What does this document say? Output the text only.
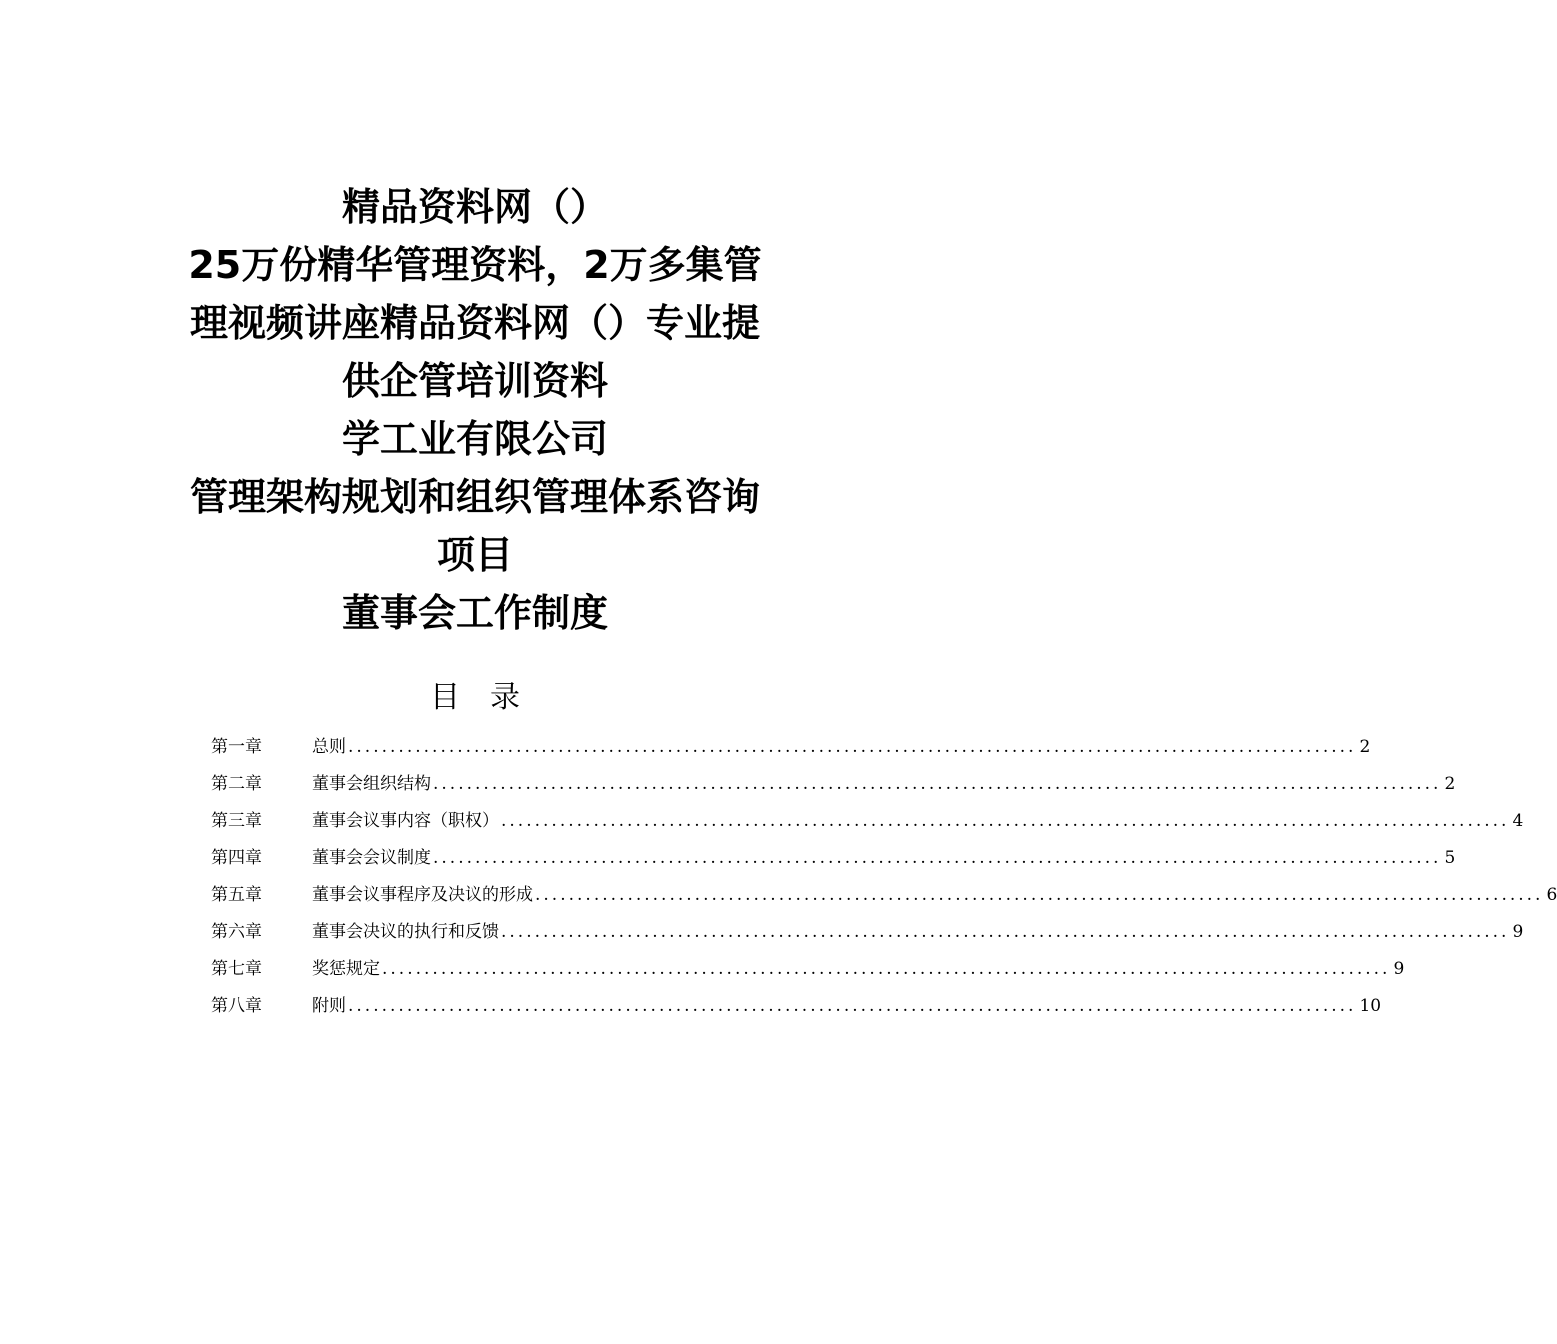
精品资料网（）
25万份精华管理资料，2万多集管
理视频讲座精品资料网（）专业提
供企管培训资料
学工业有限公司
管理架构规划和组织管理体系咨询
项目
董事会工作制度
目录
第一章	总则 ........................................................................................................................ 2
第二章	董事会组织结构 ........................................................................................................................ 2
第三章	董事会议事内容（职权） ........................................................................................................................ 4
第四章	董事会会议制度 ........................................................................................................................ 5
第五章	董事会议事程序及决议的形成 ........................................................................................................................ 6
第六章	董事会决议的执行和反馈 ........................................................................................................................ 9
第七章	奖惩规定 ........................................................................................................................ 9
第八章	附则 ........................................................................................................................ 10
